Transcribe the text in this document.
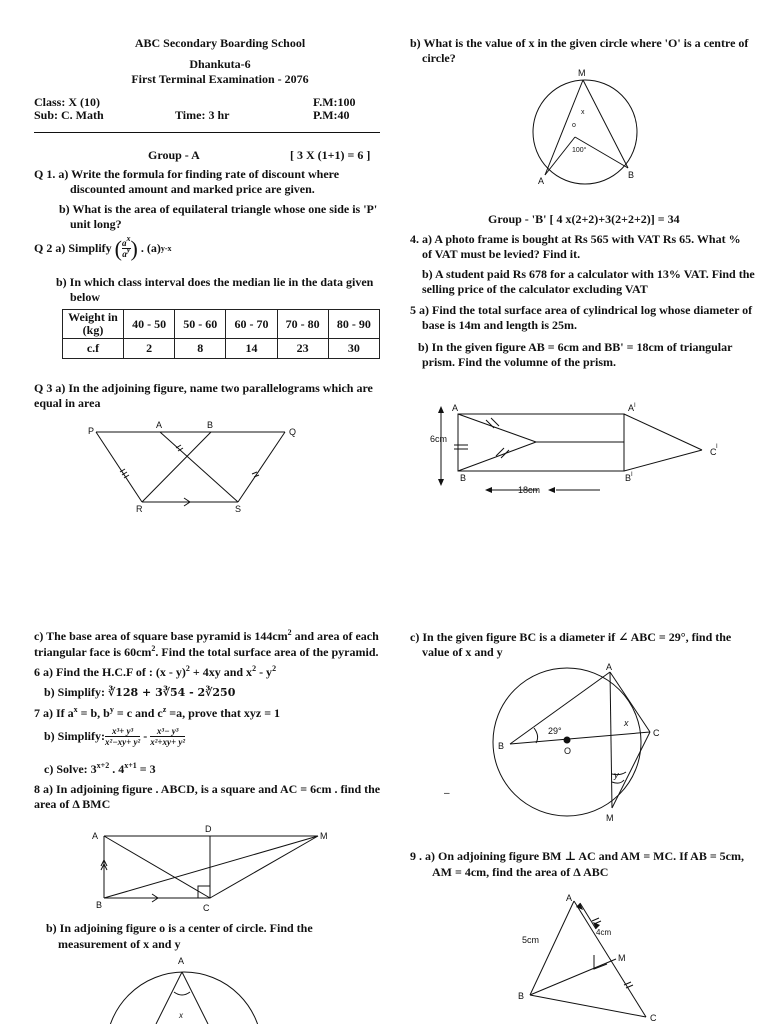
ABC Secondary Boarding School
Dhankuta-6
First Terminal Examination - 2076
Class: X (10)	F.M:100
Sub: C. Math	Time: 3 hr	P.M:40
Group - A	[ 3 X (1+1) = 6 ]
Q 1. a) Write the formula for finding rate of discount where
discounted amount and marked price are given.
b) What is the area of equilateral triangle whose one side is 'P'
unit long?
Q 2 a) Simplify
( $\frac{a^x}{a^y}$ )
. (a) y-x
b) In which class interval does the median lie in the data given
below
Weight in (kg)	40 - 50	50 - 60	60 - 70	70 - 80	80 - 90
c.f	2	8	14	23	30
Q 3 a) In the adjoining figure, name two parallelograms which are
equal in area
P
A	B
Q
R	S
b) What is the value of x in the given circle where 'O' is a centre of
circle?
M
x
o
100°
A
B
Group - 'B' [ 4 x(2+2)+3(2+2+2)] = 34
4. a) A photo frame is bought at Rs 565 with VAT Rs 65. What %
of VAT must be levied? Find it.
b) A student paid Rs 678 for a calculator with 13% VAT. Find the
selling price of the calculator excluding VAT
5 a) Find the total surface area of cylindrical log whose diameter of
base is 14m and length is 25m.
b) In the given figure AB = 6cm and BB' = 18cm of triangular
prism. Find the volumne of the prism.
A	A I
C I
B	B I
6cm
18cm
c) The base area of square base pyramid is $144cm^2$ and area of each
triangular face is $60cm^2$. Find the total surface area of the pyramid.
6 a) Find the H.C.F of : (x - y)$^2$ + 4xy and $x^2 - y^2$
b) Simplify: ∛128 + 3∛54 - 2∛250
7 a) If $a^x = b$, $b^y = c$ and $c^z =a$, prove that xyz = 1
b) Simplify: $\frac{\text{x³+ y³}}{\text{x²−xy+ y²}} - \frac{\text{x³− y³}}{\text{x²+xy+ y²}}$
c) Solve: $3^{x+2}$ . $4^{x+1} = 3$
8 a) In adjoining figure . ABCD, is a square and AC = 6cm . find the
area of Δ BMC
A
D
M
B	C
b) In adjoining figure o is a center of circle. Find the
measurement of x and y
A
x
c) In the given figure BC is a diameter if ∠ ABC = 29°, find the
value of x and y
A
B
C
M
O
29°
x
y
–
9 . a) On adjoining figure BM ⊥ AC and AM = MC. If AB = 5cm,
AM = 4cm, find the area of Δ ABC
A
B
C
M
5cm
4cm
